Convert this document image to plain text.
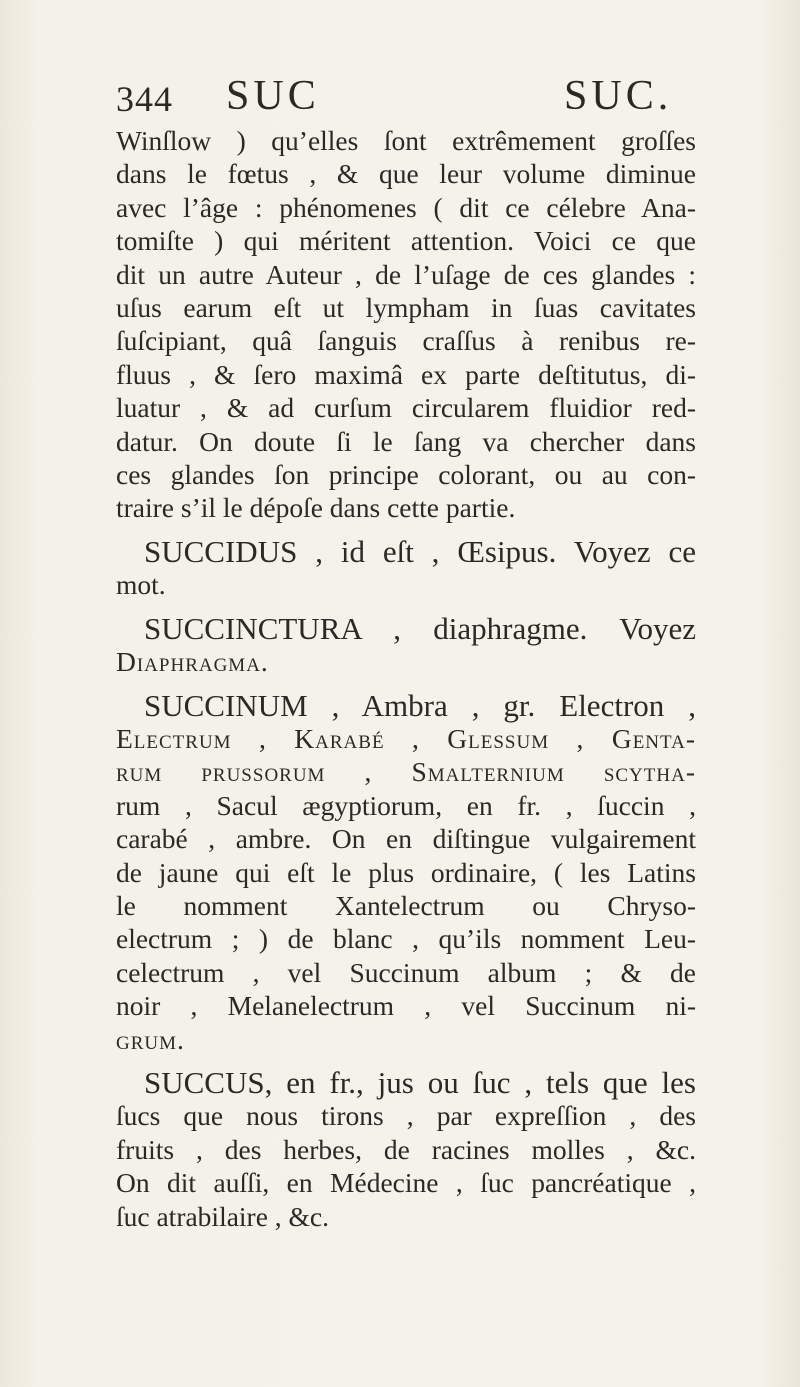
344 SUC	SUC.
Winſlow ) qu’elles ſont extrêmement groſſes
dans le fœtus , & que leur volume diminue
avec l’âge : phénomenes ( dit ce célebre Ana-
tomiſte ) qui méritent attention. Voici ce que
dit un autre Auteur , de l’uſage de ces glandes :
uſus earum eſt ut lympham in ſuas cavitates
ſuſcipiant, quâ ſanguis craſſus à renibus re-
fluus , & ſero maximâ ex parte deſtitutus, di-
luatur , & ad curſum circularem fluidior red-
datur. On doute ſi le ſang va chercher dans
ces glandes ſon principe colorant, ou au con-
traire s’il le dépoſe dans cette partie.
SUCCIDUS , id eſt , Œsipus. Voyez ce
mot.
SUCCINCTURA , diaphragme. Voyez
Diaphragma.
SUCCINUM , Ambra , gr. Electron ,
Electrum , Karabé , Glessum , Genta-
rum prussorum , Smalternium scytha-
rum , Sacul ægyptiorum, en fr. , ſuccin ,
carabé , ambre. On en diſtingue vulgairement
de jaune qui eſt le plus ordinaire, ( les Latins
le nomment Xantelectrum ou Chryso-
electrum ; ) de blanc , qu’ils nomment Leu-
celectrum , vel Succinum album ; & de
noir , Melanelectrum , vel Succinum ni-
grum.
SUCCUS, en fr., jus ou ſuc , tels que les
ſucs que nous tirons , par expreſſion , des
fruits , des herbes, de racines molles , &c.
On dit auſſi, en Médecine , ſuc pancréatique ,
ſuc atrabilaire , &c.
